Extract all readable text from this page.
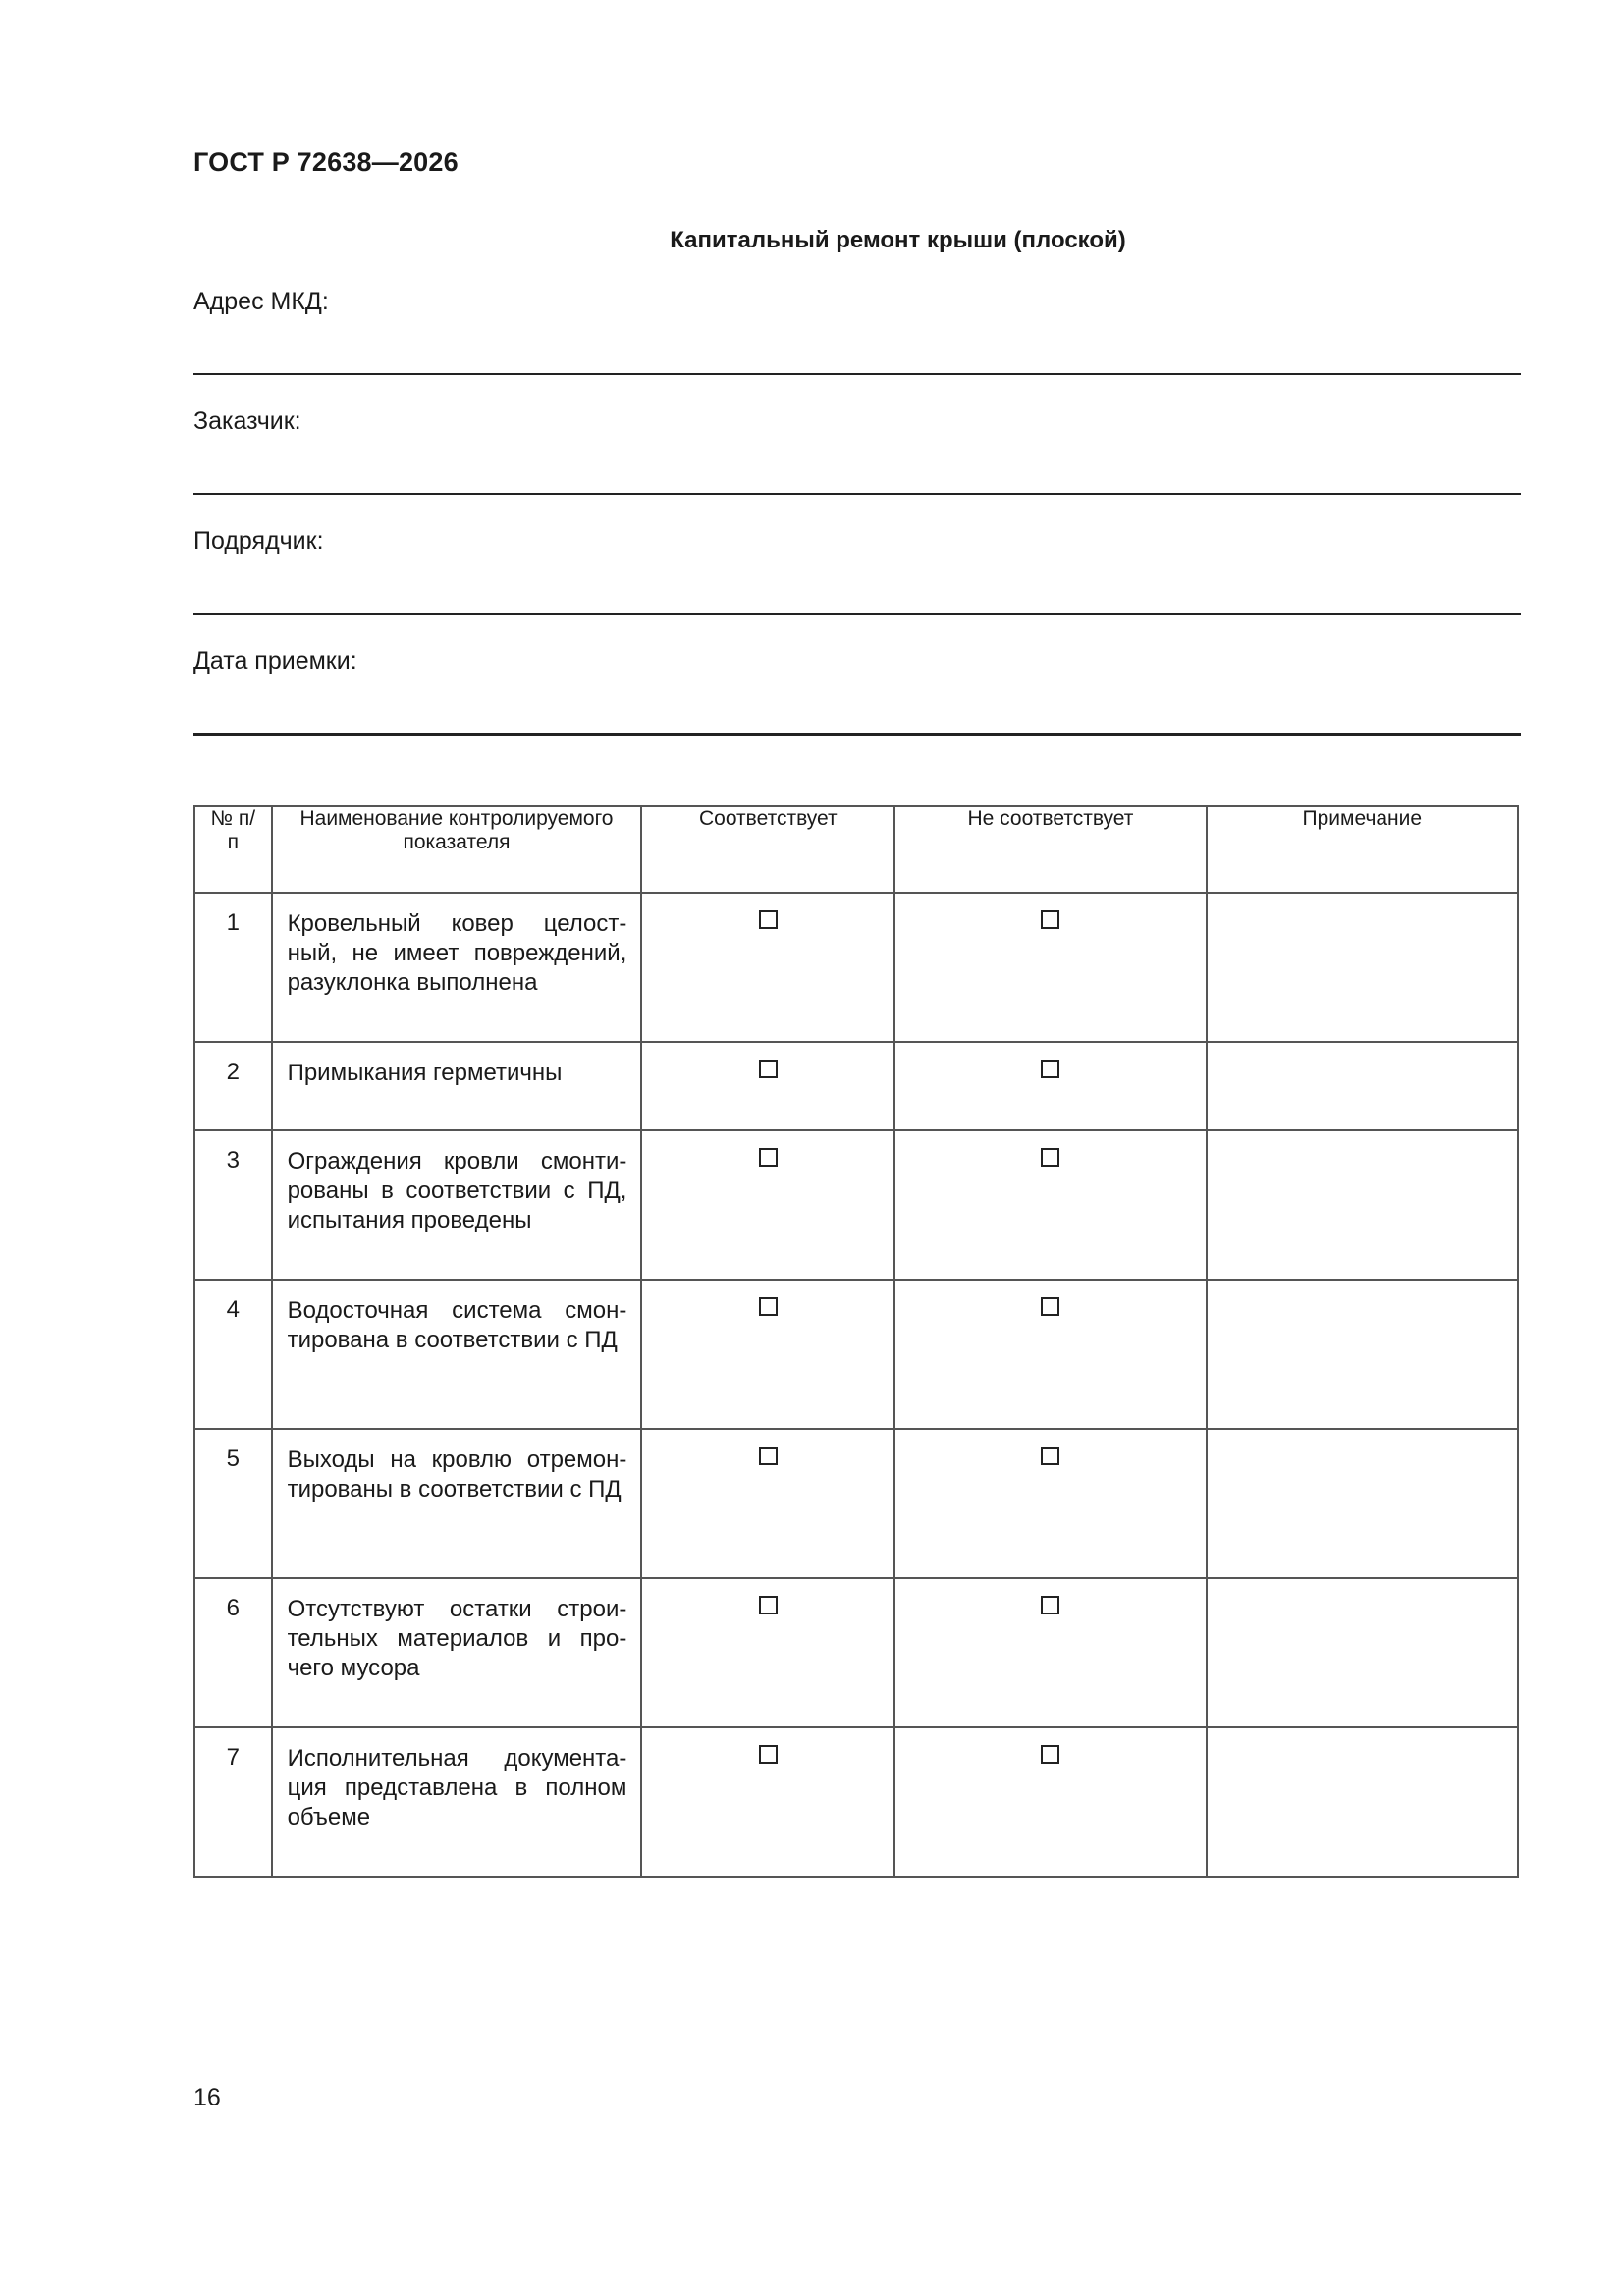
ГОСТ Р 72638—2026
Капитальный ремонт крыши (плоской)
Адрес МКД:
Заказчик:
Подрядчик:
Дата приемки:
№ п/п	Наименование контролируемого показателя	Соответствует	Не соответствует	Примечание
1	Кровельный ковер целост-ный, не имеет повреждений, разуклонка выполнена			
2	Примыкания герметичны			
3	Ограждения кровли смонти-рованы в соответствии с ПД, испытания проведены			
4	Водосточная система смон-тирована в соответствии с ПД			
5	Выходы на кровлю отремон-тированы в соответствии с ПД			
6	Отсутствуют остатки строи-тельных материалов и про-чего мусора			
7	Исполнительная документа-ция представлена в полном объеме			
16
